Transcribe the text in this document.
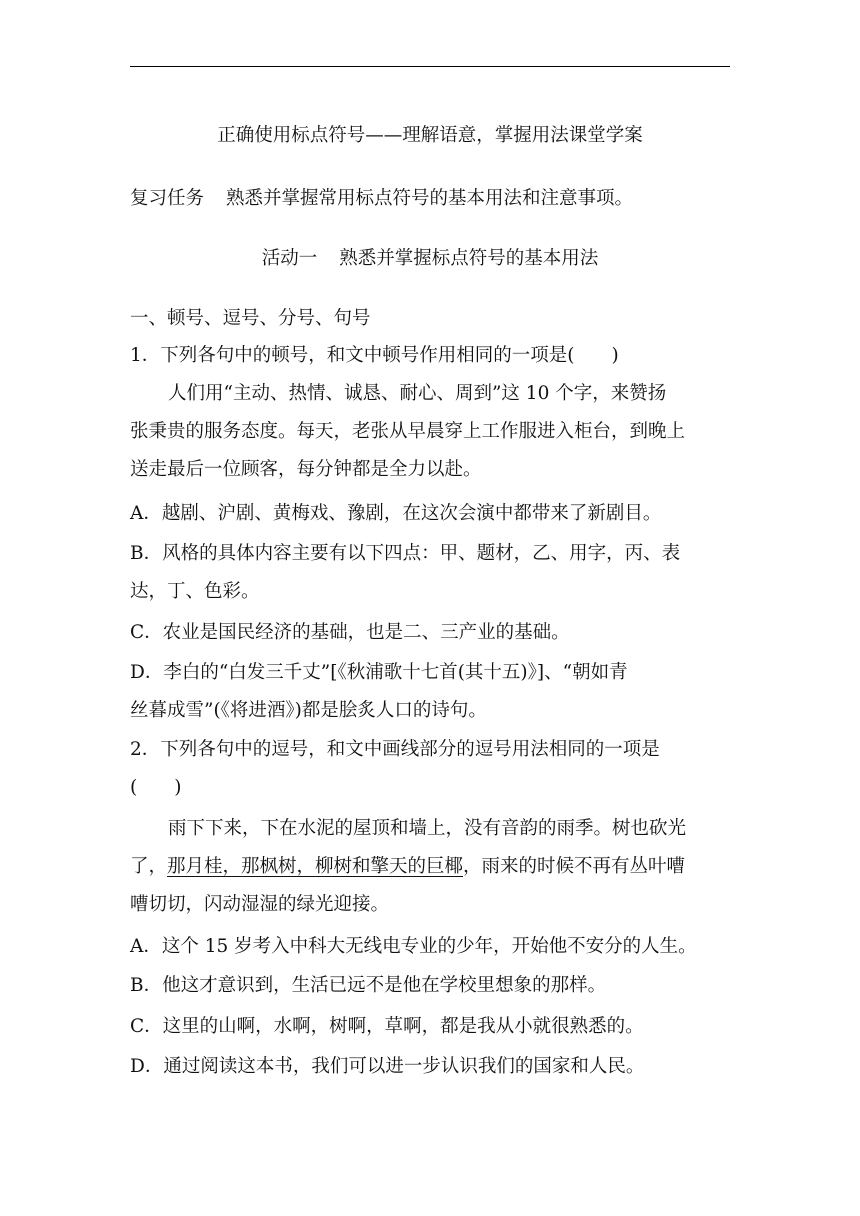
正确使用标点符号——理解语意，掌握用法课堂学案
复习任务 熟悉并掌握常用标点符号的基本用法和注意事项。
活动一 熟悉并掌握标点符号的基本用法
一、顿号、逗号、分号、句号
1．下列各句中的顿号，和文中顿号作用相同的一项是(　　)
人们用“主动、热情、诚恳、耐心、周到”这 10 个字，来赞扬
张秉贵的服务态度。每天，老张从早晨穿上工作服进入柜台，到晚上
送走最后一位顾客，每分钟都是全力以赴。
A．越剧、沪剧、黄梅戏、豫剧，在这次会演中都带来了新剧目。
B．风格的具体内容主要有以下四点：甲、题材，乙、用字，丙、表
达，丁、色彩。
C．农业是国民经济的基础，也是二、三产业的基础。
D．李白的“白发三千丈”[《秋浦歌十七首(其十五)》]、“朝如青
丝暮成雪”(《将进酒》)都是脍炙人口的诗句。
2．下列各句中的逗号，和文中画线部分的逗号用法相同的一项是
(　　)
雨下下来，下在水泥的屋顶和墙上，没有音韵的雨季。树也砍光
了，那月桂，那枫树，柳树和擎天的巨椰，雨来的时候不再有丛叶嘈
嘈切切，闪动湿湿的绿光迎接。
A．这个 15 岁考入中科大无线电专业的少年，开始他不安分的人生。
B．他这才意识到，生活已远不是他在学校里想象的那样。
C．这里的山啊，水啊，树啊，草啊，都是我从小就很熟悉的。
D．通过阅读这本书，我们可以进一步认识我们的国家和人民。
